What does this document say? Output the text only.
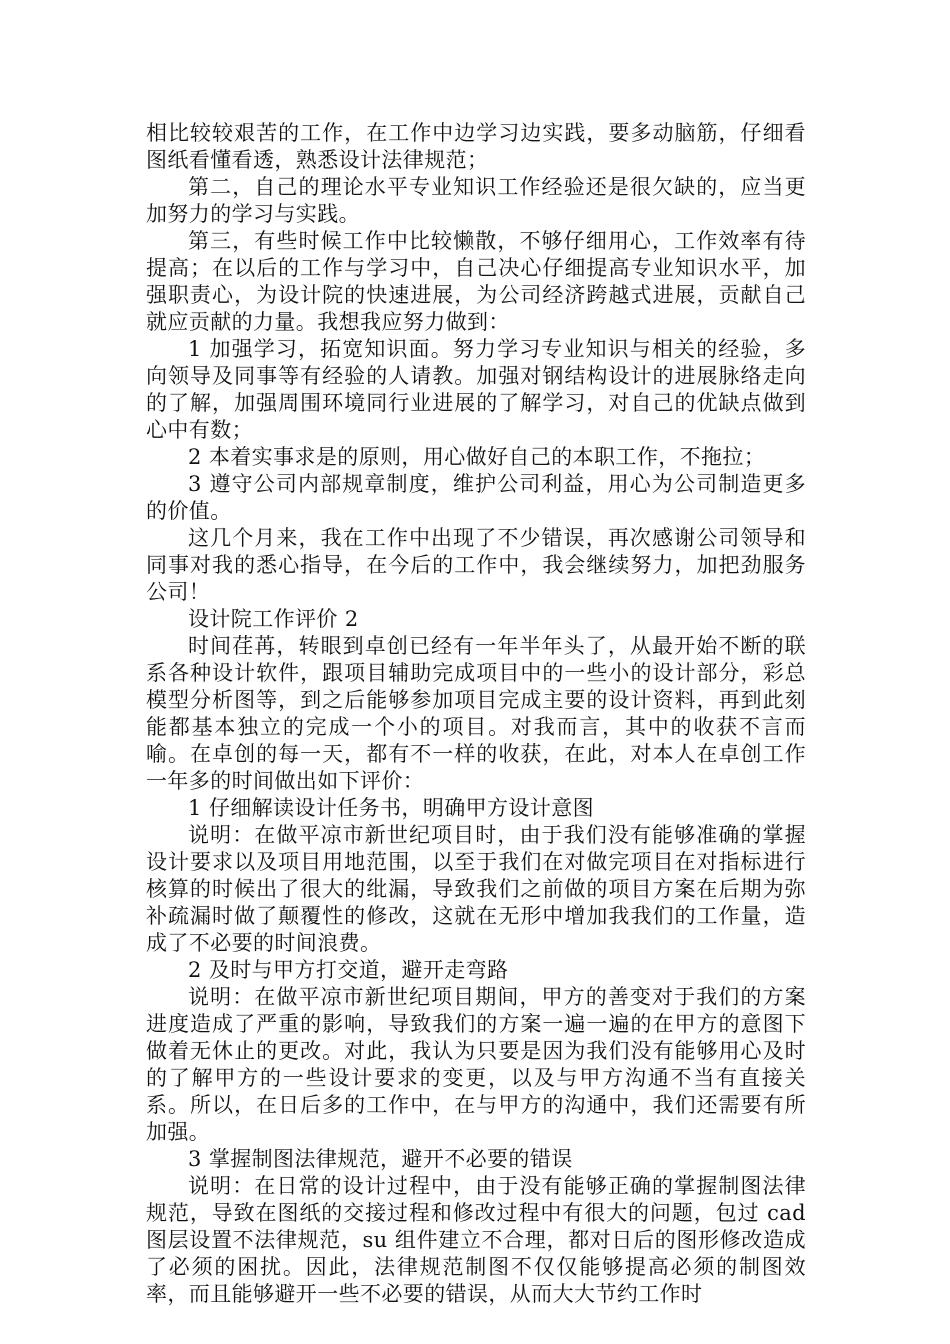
相比较较艰苦的工作，在工作中边学习边实践，要多动脑筋，仔细看图纸看懂看透，熟悉设计法律规范；

第二，自己的理论水平专业知识工作经验还是很欠缺的，应当更加努力的学习与实践。

第三，有些时候工作中比较懒散，不够仔细用心，工作效率有待提高；在以后的工作与学习中，自己决心仔细提高专业知识水平，加强职责心，为设计院的快速进展，为公司经济跨越式进展，贡献自己就应贡献的力量。我想我应努力做到：

1 加强学习，拓宽知识面。努力学习专业知识与相关的经验，多向领导及同事等有经验的人请教。加强对钢结构设计的进展脉络走向的了解，加强周围环境同行业进展的了解学习，对自己的优缺点做到心中有数；

2 本着实事求是的原则，用心做好自己的本职工作，不拖拉；

3 遵守公司内部规章制度，维护公司利益，用心为公司制造更多的价值。

这几个月来，我在工作中出现了不少错误，再次感谢公司领导和同事对我的悉心指导，在今后的工作中，我会继续努力，加把劲服务公司！

设计院工作评价 2

时间荏苒，转眼到卓创已经有一年半年头了，从最开始不断的联系各种设计软件，跟项目辅助完成项目中的一些小的设计部分，彩总模型分析图等，到之后能够参加项目完成主要的设计资料，再到此刻能都基本独立的完成一个小的项目。对我而言，其中的收获不言而喻。在卓创的每一天，都有不一样的收获，在此，对本人在卓创工作一年多的时间做出如下评价：

1 仔细解读设计任务书，明确甲方设计意图

说明：在做平凉市新世纪项目时，由于我们没有能够准确的掌握设计要求以及项目用地范围，以至于我们在对做完项目在对指标进行核算的时候出了很大的纰漏，导致我们之前做的项目方案在后期为弥补疏漏时做了颠覆性的修改，这就在无形中增加我我们的工作量，造成了不必要的时间浪费。

2 及时与甲方打交道，避开走弯路

说明：在做平凉市新世纪项目期间，甲方的善变对于我们的方案进度造成了严重的影响，导致我们的方案一遍一遍的在甲方的意图下做着无休止的更改。对此，我认为只要是因为我们没有能够用心及时的了解甲方的一些设计要求的变更，以及与甲方沟通不当有直接关系。所以，在日后多的工作中，在与甲方的沟通中，我们还需要有所加强。

3 掌握制图法律规范，避开不必要的错误

说明：在日常的设计过程中，由于没有能够正确的掌握制图法律规范，导致在图纸的交接过程和修改过程中有很大的问题，包过 cad 图层设置不法律规范，su 组件建立不合理，都对日后的图形修改造成了必须的困扰。因此，法律规范制图不仅仅能够提高必须的制图效率，而且能够避开一些不必要的错误，从而大大节约工作时
